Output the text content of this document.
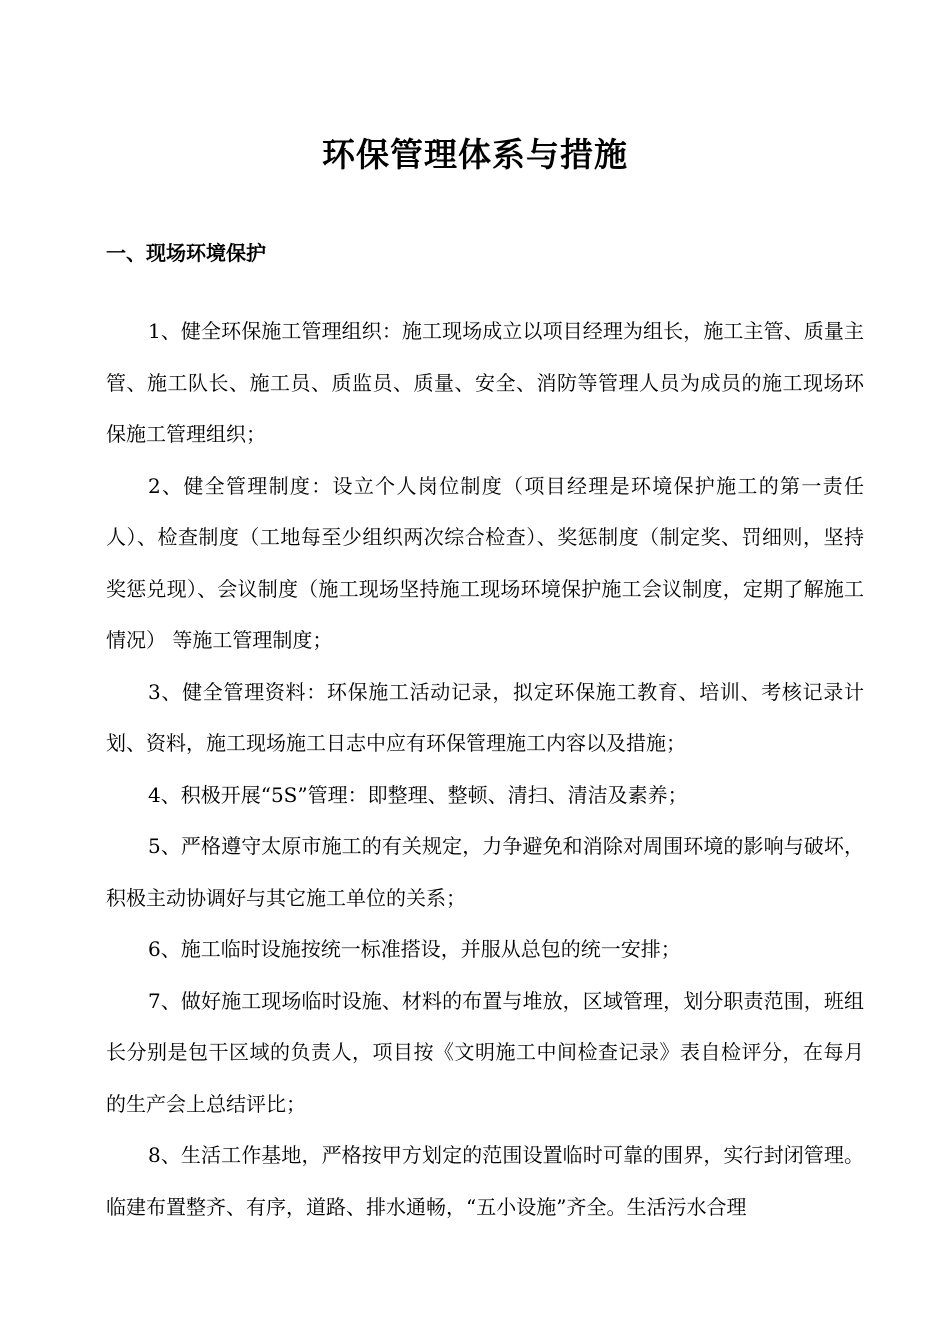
环保管理体系与措施
一、现场环境保护

1、健全环保施工管理组织：施工现场成立以项目经理为组长，施工主管、质量主管、施工队长、施工员、质监员、质量、安全、消防等管理人员为成员的施工现场环保施工管理组织；

2、健全管理制度：设立个人岗位制度（项目经理是环境保护施工的第一责任人）、检查制度（工地每至少组织两次综合检查）、奖惩制度（制定奖、罚细则，坚持奖惩兑现）、会议制度（施工现场坚持施工现场环境保护施工会议制度，定期了解施工情况） 等施工管理制度；

3、健全管理资料：环保施工活动记录，拟定环保施工教育、培训、考核记录计划、资料，施工现场施工日志中应有环保管理施工内容以及措施；

4、积极开展“5S”管理：即整理、整顿、清扫、清洁及素养；

5、严格遵守太原市施工的有关规定，力争避免和消除对周围环境的影响与破坏，积极主动协调好与其它施工单位的关系；

6、施工临时设施按统一标准搭设，并服从总包的统一安排；

7、做好施工现场临时设施、材料的布置与堆放，区域管理，划分职责范围，班组长分别是包干区域的负责人，项目按《文明施工中间检查记录》表自检评分，在每月的生产会上总结评比；

8、生活工作基地，严格按甲方划定的范围设置临时可靠的围界，实行封闭管理。临建布置整齐、有序，道路、排水通畅，“五小设施”齐全。生活污水合理
